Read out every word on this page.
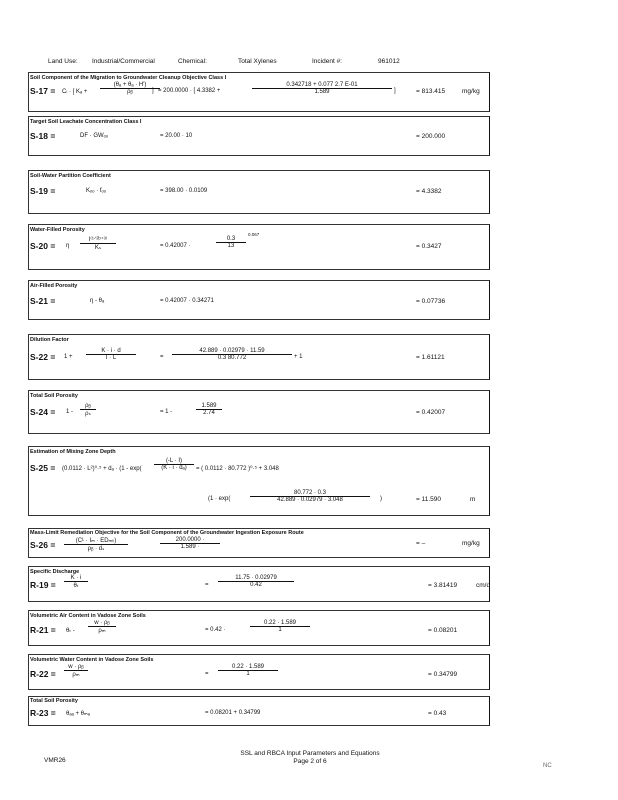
Land Use: Industrial/Commercial	Chemical:	Total Xylenes	Incident #:	961012
Soil Component of the Migration to Groundwater Cleanup Objective Class I
S-17 = Cₗ · [ $K_a + \frac{\text{(θₐ + θₐ · H')}}{\text{ρᵦ}}$
] = 200.0000 · [ 4.3382 +	$\frac{0.342718 + 0.077 2.7 E-01}{1.589}$ ]	= 813.415	mg/kg
Target Soil Leachate Concentration Class I
S-18 =	DF · GWₒₒ	= 20.00 · 10	= 200.000
Soil-Water Partition Coefficient
S-19 =	Kₒₒ · fₒₒ	= 398.00 · 0.0109	= 4.3382
Water-Filled Porosity
S-20 = η
I⁽¹ᐟ²ᵇ⁺³⁾
Kₛ	= 0.42007 ·	$\frac{0.3}{13}$
0.067
= 0.3427
Air-Filled Porosity
S-21 =	η - θₐ	= 0.42007 · 0.34271	= 0.07736
Dilution Factor
$S-22 = 1 + \frac{K \cdot i \cdot d}{I \cdot L}$	= $\frac{42.889 \cdot 0.02979 \cdot 11.59}{0.3 80.772} + 1$	= 1.61121
Total Soil Porosity
$S-24 = 1 - \frac{\text{ρᵦ}}{\text{ρₛ}}$	= 1 -	$\frac{1.589}{2.74}$	= 0.42007
Estimation of Mixing Zone Depth
$S-25 = (0.0112 \cdot L^2)^0\cdot^5 + d_a \cdot (1 - \exp( \frac{(-L \cdot I)}{\text{(K · i · dₐ)}}$ = ( 0.0112 · 80.772 )⁰·⁵ + 3.048
(1 · exp(	$\frac{80.772 \cdot 0.3}{42.889 \cdot 0.02979 \cdot 3.048}$ )	= 11.590	m
Mass-Limit Remediation Objective for the Soil Component of the Groundwater Ingestion Exposure Route
S-26 =	(Cᴸ · Iₘ · EDₘₗₗ)
ρᵦ · dₛ	$\frac{200.0000 \cdot}{1.589 \cdot}$	= –	mg/kg
Specific Discharge
$R-19 = \frac{K \cdot i}{\text{θₜ}}$	= $\frac{11.75 \cdot 0.02979}{0.42}$	= 3.81419	cm/d
Volumetric Air Content in Vadose Zone Soils
$R-21 = \theta_t - \frac{\text{w · ρᵦ}}{\text{ρₘ}}$	= 0.42 ·	$\frac{0.22 \cdot 1.589}{1}$	= 0.08201
Volumetric Water Content in Vadose Zone Soils
$R-22 = \frac{\text{w · ρᵦ}}{\text{ρₘ}}$	= $\frac{0.22 \cdot 1.589}{1}$	= 0.34799
Total Soil Porosity
R-23 = θₐₐ + θₘₐ	= 0.08201 + 0.34799	= 0.43
VMR26
SSL and RBCA Input Parameters and Equations
Page 2 of 6
NC
